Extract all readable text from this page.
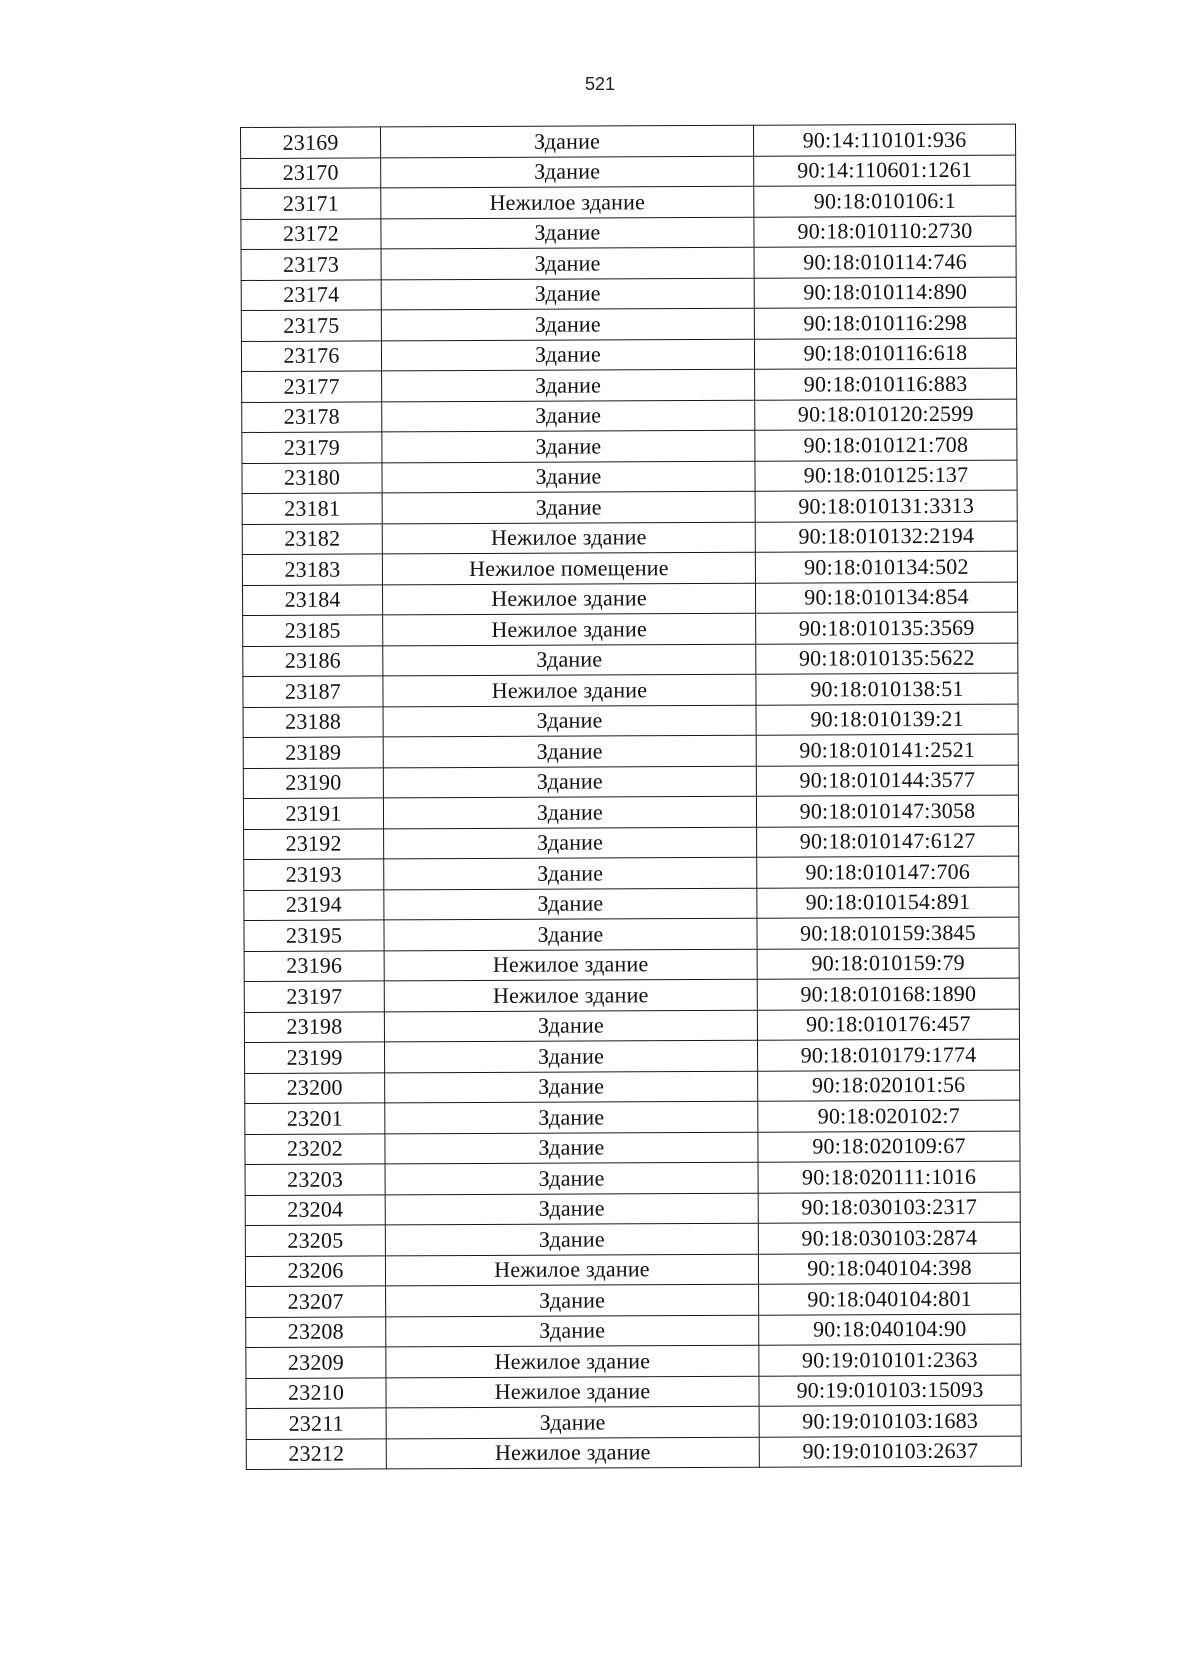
521
23169	Здание	90:14:110101:936
23170	Здание	90:14:110601:1261
23171	Нежилое здание	90:18:010106:1
23172	Здание	90:18:010110:2730
23173	Здание	90:18:010114:746
23174	Здание	90:18:010114:890
23175	Здание	90:18:010116:298
23176	Здание	90:18:010116:618
23177	Здание	90:18:010116:883
23178	Здание	90:18:010120:2599
23179	Здание	90:18:010121:708
23180	Здание	90:18:010125:137
23181	Здание	90:18:010131:3313
23182	Нежилое здание	90:18:010132:2194
23183	Нежилое помещение	90:18:010134:502
23184	Нежилое здание	90:18:010134:854
23185	Нежилое здание	90:18:010135:3569
23186	Здание	90:18:010135:5622
23187	Нежилое здание	90:18:010138:51
23188	Здание	90:18:010139:21
23189	Здание	90:18:010141:2521
23190	Здание	90:18:010144:3577
23191	Здание	90:18:010147:3058
23192	Здание	90:18:010147:6127
23193	Здание	90:18:010147:706
23194	Здание	90:18:010154:891
23195	Здание	90:18:010159:3845
23196	Нежилое здание	90:18:010159:79
23197	Нежилое здание	90:18:010168:1890
23198	Здание	90:18:010176:457
23199	Здание	90:18:010179:1774
23200	Здание	90:18:020101:56
23201	Здание	90:18:020102:7
23202	Здание	90:18:020109:67
23203	Здание	90:18:020111:1016
23204	Здание	90:18:030103:2317
23205	Здание	90:18:030103:2874
23206	Нежилое здание	90:18:040104:398
23207	Здание	90:18:040104:801
23208	Здание	90:18:040104:90
23209	Нежилое здание	90:19:010101:2363
23210	Нежилое здание	90:19:010103:15093
23211	Здание	90:19:010103:1683
23212	Нежилое здание	90:19:010103:2637
